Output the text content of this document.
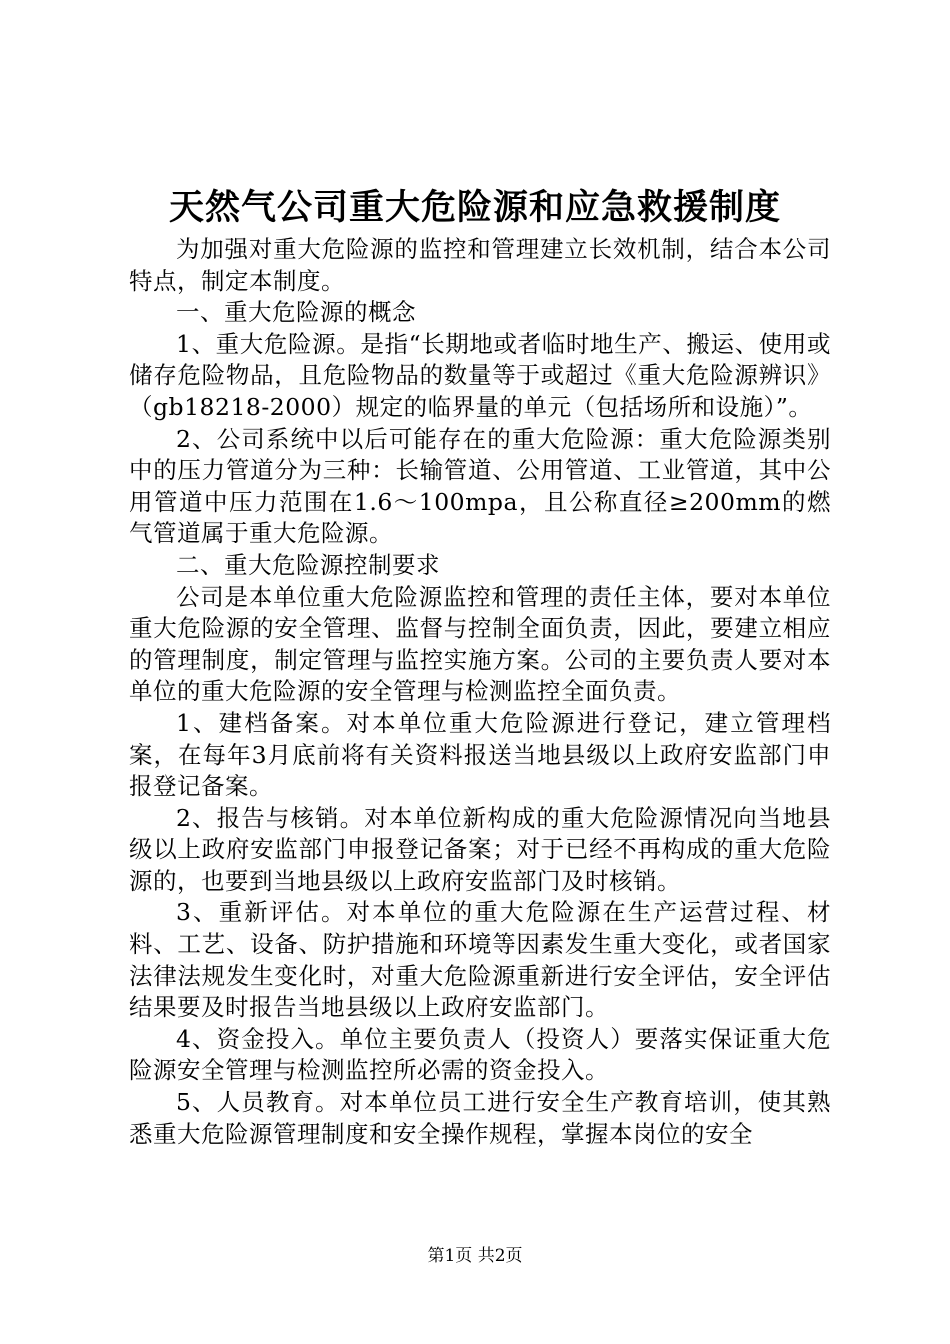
天然气公司重大危险源和应急救援制度

为加强对重大危险源的监控和管理建立长效机制，结合本公司特点，制定本制度。

一、重大危险源的概念

1、重大危险源。是指“长期地或者临时地生产、搬运、使用或储存危险物品，且危险物品的数量等于或超过《重大危险源辨识》（gb18218-2000）规定的临界量的单元（包括场所和设施）”。

2、公司系统中以后可能存在的重大危险源：重大危险源类别中的压力管道分为三种：长输管道、公用管道、工业管道，其中公用管道中压力范围在1.6～100mpa，且公称直径≥200mm的燃气管道属于重大危险源。

二、重大危险源控制要求

公司是本单位重大危险源监控和管理的责任主体，要对本单位重大危险源的安全管理、监督与控制全面负责，因此，要建立相应的管理制度，制定管理与监控实施方案。公司的主要负责人要对本单位的重大危险源的安全管理与检测监控全面负责。

1、建档备案。对本单位重大危险源进行登记，建立管理档案，在每年3月底前将有关资料报送当地县级以上政府安监部门申报登记备案。

2、报告与核销。对本单位新构成的重大危险源情况向当地县级以上政府安监部门申报登记备案；对于已经不再构成的重大危险源的，也要到当地县级以上政府安监部门及时核销。

3、重新评估。对本单位的重大危险源在生产运营过程、材料、工艺、设备、防护措施和环境等因素发生重大变化，或者国家法律法规发生变化时，对重大危险源重新进行安全评估，安全评估结果要及时报告当地县级以上政府安监部门。

4、资金投入。单位主要负责人（投资人）要落实保证重大危险源安全管理与检测监控所必需的资金投入。

5、人员教育。对本单位员工进行安全生产教育培训，使其熟悉重大危险源管理制度和安全操作规程，掌握本岗位的安全

第1页 共2页
